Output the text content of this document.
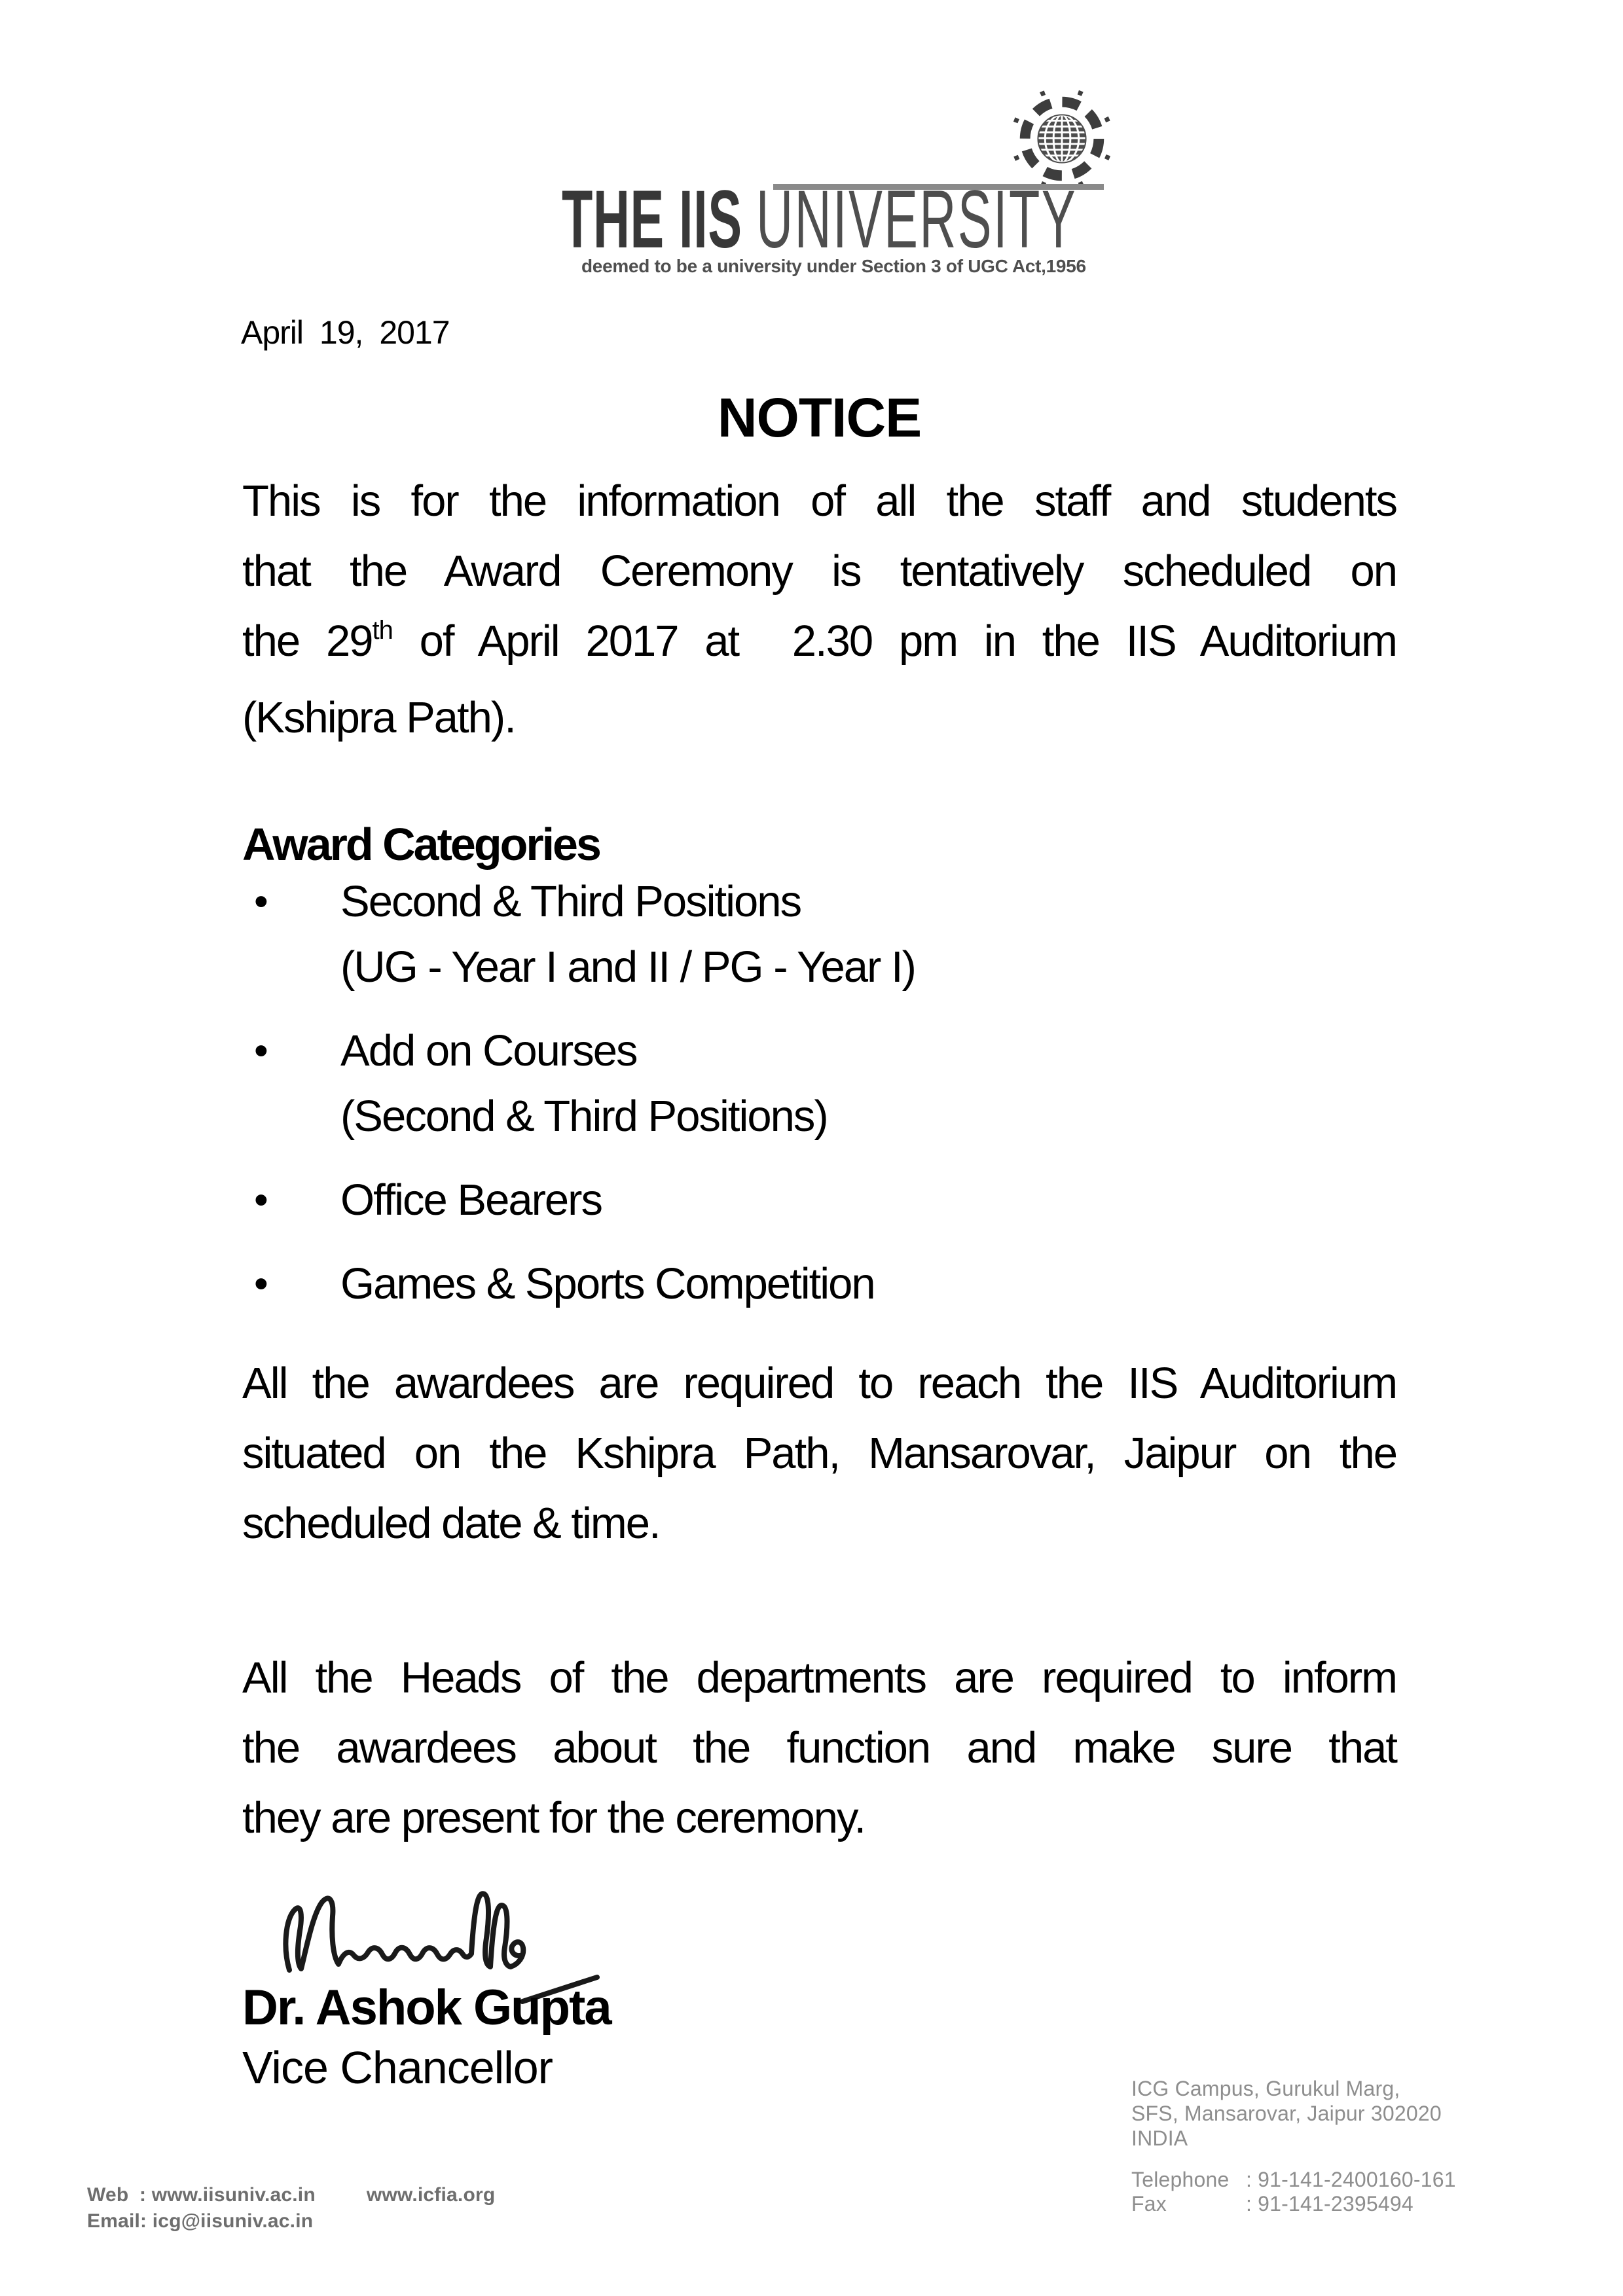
THE IIS UNIVERSITY
deemed to be a university under Section 3 of UGC Act,1956
April 19, 2017
NOTICE
This is for the information of all the staff and students
that the Award Ceremony is tentatively scheduled on
the 29th of April 2017 at  2.30 pm in the IIS Auditorium
(Kshipra Path).
Award Categories
•	Second & Third Positions
(UG - Year I and II / PG - Year I)
•	Add on Courses
(Second & Third Positions)
•	Office Bearers
•	Games & Sports Competition
All the awardees are required to reach the IIS Auditorium
situated on the Kshipra Path, Mansarovar, Jaipur on the
scheduled date & time.
All the Heads of the departments are required to inform
the awardees about the function and make sure that
they are present for the ceremony.
Dr. Ashok Gupta
Vice Chancellor	ICG Campus, Gurukul Marg,
SFS, Mansarovar, Jaipur 302020
INDIA
Telephone : 91-141-2400160-161
Fax	: 91-141-2395494
Web : www.iisuniv.ac.in	www.icfia.org
Email : icg@iisuniv.ac.in
